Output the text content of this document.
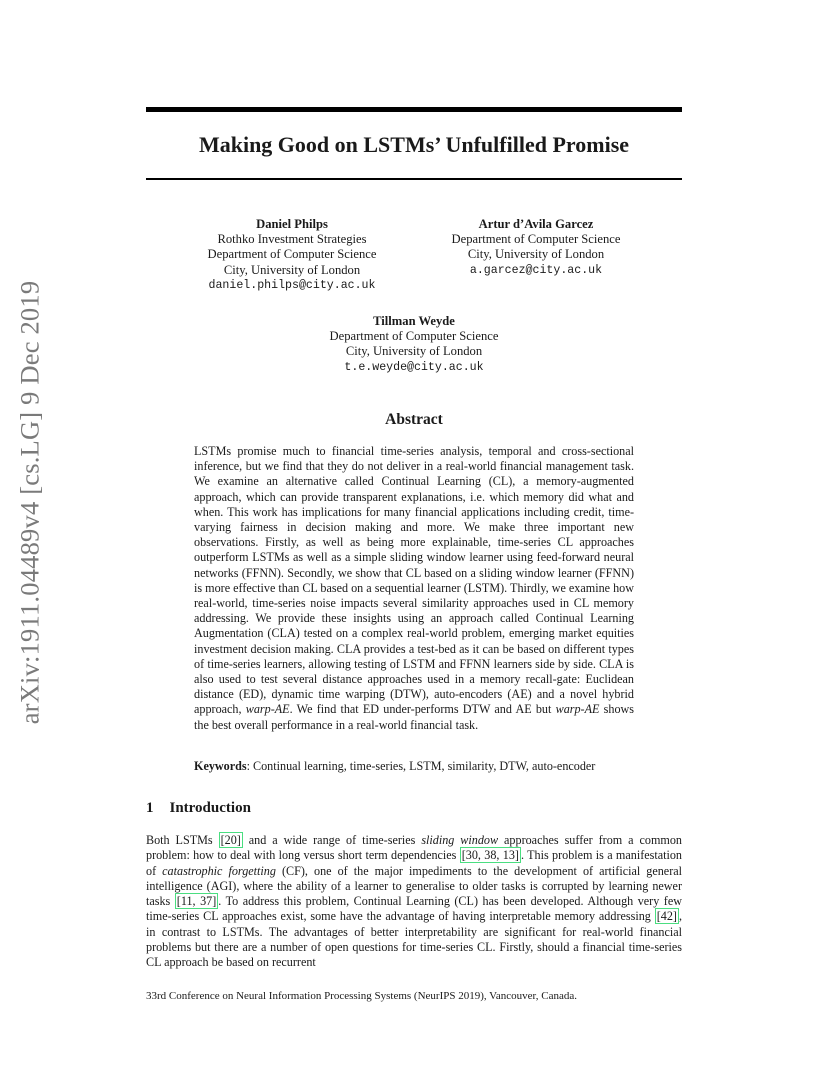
arXiv:1911.04489v4 [cs.LG] 9 Dec 2019
Making Good on LSTMs’ Unfulfilled Promise
Daniel Philps
Rothko Investment Strategies
Department of Computer Science
City, University of London
daniel.philps@city.ac.uk
Artur d’Avila Garcez
Department of Computer Science
City, University of London
a.garcez@city.ac.uk
Tillman Weyde
Department of Computer Science
City, University of London
t.e.weyde@city.ac.uk
Abstract

LSTMs promise much to financial time-series analysis, temporal and cross-sectional inference, but we find that they do not deliver in a real-world financial management task. We examine an alternative called Continual Learning (CL), a memory-augmented approach, which can provide transparent explanations, i.e. which memory did what and when. This work has implications for many financial applications including credit, time-varying fairness in decision making and more. We make three important new observations. Firstly, as well as being more explainable, time-series CL approaches outperform LSTMs as well as a simple sliding window learner using feed-forward neural networks (FFNN). Secondly, we show that CL based on a sliding window learner (FFNN) is more effective than CL based on a sequential learner (LSTM). Thirdly, we examine how real-world, time-series noise impacts several similarity approaches used in CL memory addressing. We provide these insights using an approach called Continual Learning Augmentation (CLA) tested on a complex real-world problem, emerging market equities investment decision making. CLA provides a test-bed as it can be based on different types of time-series learners, allowing testing of LSTM and FFNN learners side by side. CLA is also used to test several distance approaches used in a memory recall-gate: Euclidean distance (ED), dynamic time warping (DTW), auto-encoders (AE) and a novel hybrid approach, warp-AE. We find that ED under-performs DTW and AE but warp-AE shows the best overall performance in a real-world financial task.

Keywords: Continual learning, time-series, LSTM, similarity, DTW, auto-encoder

1 Introduction

Both LSTMs [20] and a wide range of time-series sliding window approaches suffer from a common problem: how to deal with long versus short term dependencies [30, 38, 13] . This problem is a manifestation of catastrophic forgetting (CF), one of the major impediments to the development of artificial general intelligence (AGI), where the ability of a learner to generalise to older tasks is corrupted by learning newer tasks [11, 37] . To address this problem, Continual Learning (CL) has been developed. Although very few time-series CL approaches exist, some have the advantage of having interpretable memory addressing [42] , in contrast to LSTMs. The advantages of better interpretability are significant for real-world financial problems but there are a number of open questions for time-series CL. Firstly, should a financial time-series CL approach be based on recurrent

33rd Conference on Neural Information Processing Systems (NeurIPS 2019), Vancouver, Canada.
